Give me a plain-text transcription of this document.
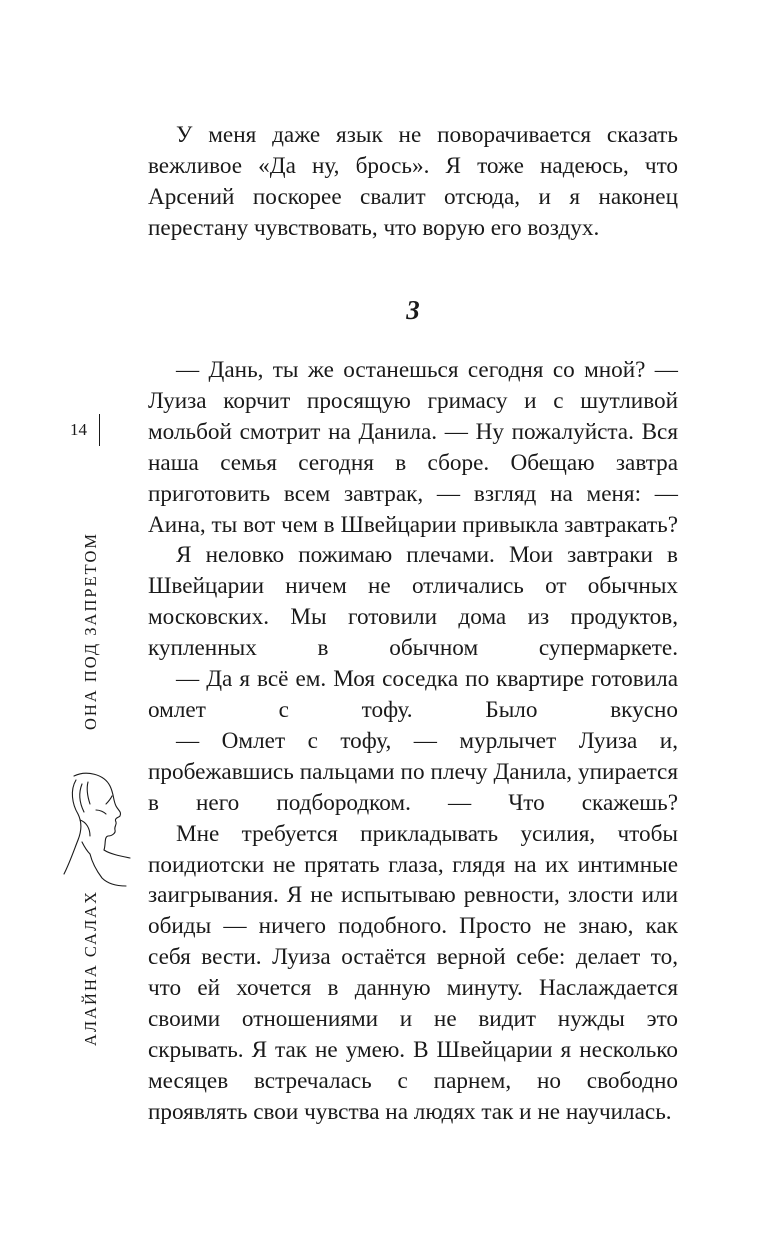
У меня даже язык не поворачивается сказать вежливое «Да ну, брось». Я тоже надеюсь, что Арсений поскорее свалит отсюда, и я наконец перестану чувствовать, что ворую его воздух.

3

— Дань, ты же останешься сегодня со мной? — Луиза корчит просящую гримасу и с шутливой мольбой смотрит на Данила. — Ну пожалуйста. Вся наша семья сегодня в сборе. Обещаю завтра приготовить всем завтрак, — взгляд на меня: — Аина, ты вот чем в Швейцарии привыкла завтракать?

Я неловко пожимаю плечами. Мои завтраки в Швейцарии ничем не отличались от обычных московских. Мы готовили дома из продуктов, купленных в обычном супермаркете.

— Да я всё ем. Моя соседка по квартире готовила омлет с тофу. Было вкусно

— Омлет с тофу, — мурлычет Луиза и, пробежавшись пальцами по плечу Данила, упирается в него подбородком. — Что скажешь?

Мне требуется прикладывать усилия, чтобы поидиотски не прятать глаза, глядя на их интимные заигрывания. Я не испытываю ревности, злости или обиды — ничего подобного. Просто не знаю, как себя вести. Луиза остаётся верной себе: делает то, что ей хочется в данную минуту. Наслаждается своими отношениями и не видит нужды это скрывать. Я так не умею. В Швейцарии я несколько месяцев встречалась с парнем, но свободно проявлять свои чувства на людях так и не научилась.

14
ОНА ПОД ЗАПРЕТОМ
АЛАЙНА САЛАХ
